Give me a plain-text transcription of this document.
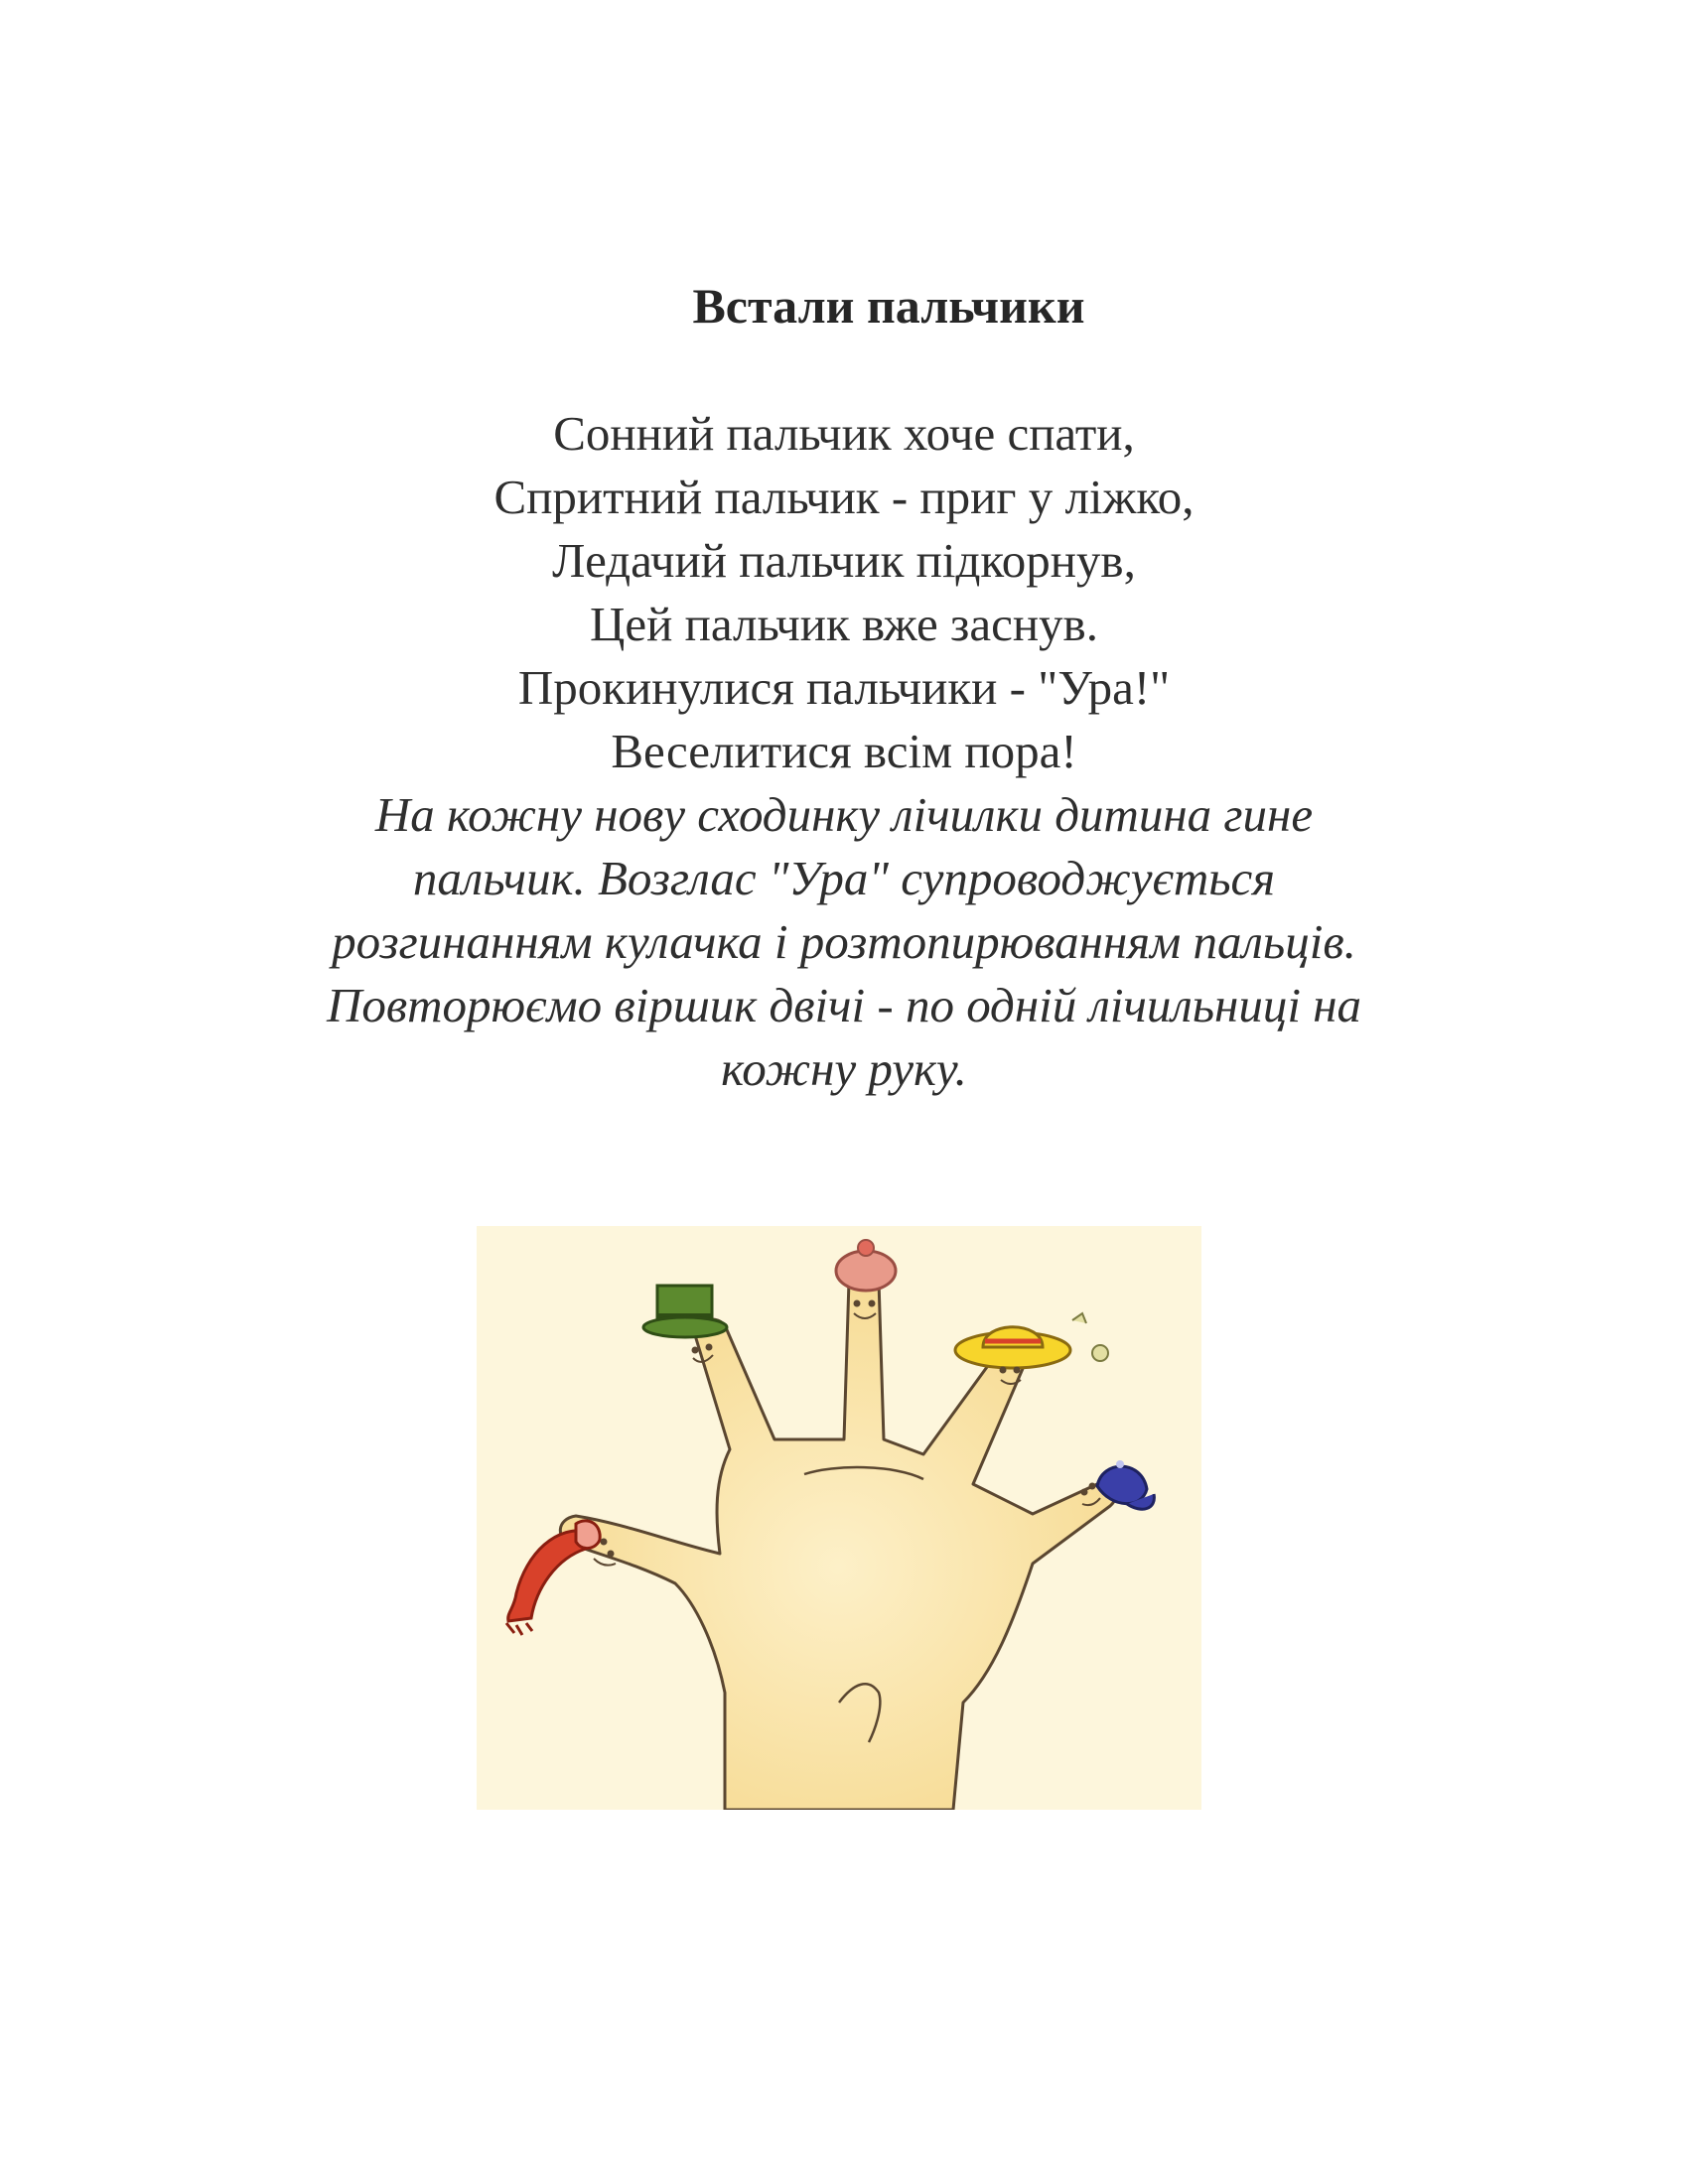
Встали пальчики
Сонний пальчик хоче спати,
Спритний пальчик - приг у ліжко,
Ледачий пальчик підкорнув,
Цей пальчик вже заснув.
Прокинулися пальчики - "Ура!"
Веселитися всім пора!
На кожну нову сходинку лічилки дитина гине
пальчик. Возглас "Ура" супроводжується
розгинанням кулачка і розтопирюванням пальців.
Повторюємо віршик двічі - по одній лічильниці на
кожну руку.
